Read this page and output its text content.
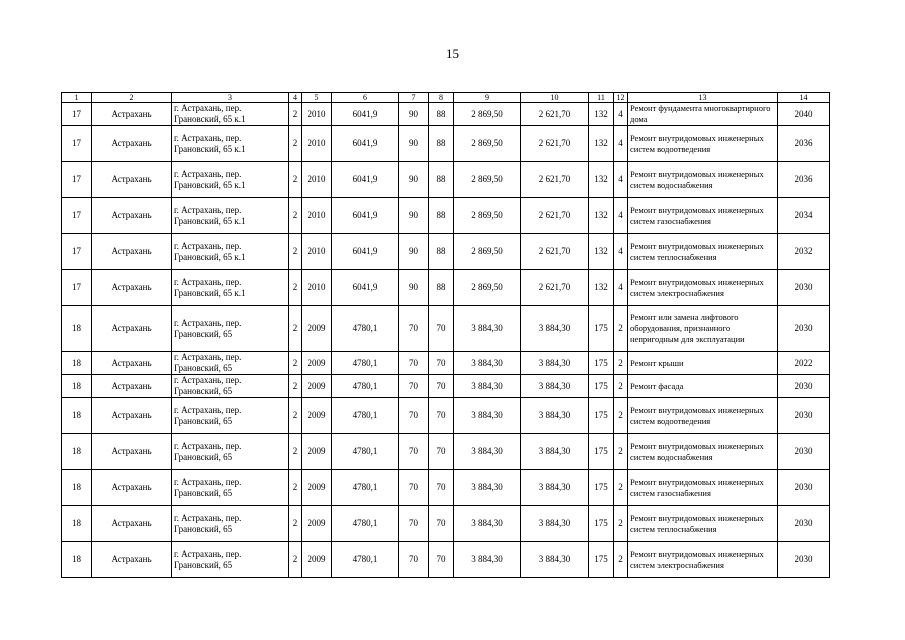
15
1	2	3	4	5	6	7	8	9	10	11	12	13	14
17	Астрахань	г. Астрахань, пер. Грановский, 65 к.1	2	2010	6041,9	90	88	2 869,50	2 621,70	132	4	Ремонт фундамента многоквартирного дома	2040
17	Астрахань	г. Астрахань, пер. Грановский, 65 к.1	2	2010	6041,9	90	88	2 869,50	2 621,70	132	4	Ремонт внутридомовых инженерных систем водоотведения	2036
17	Астрахань	г. Астрахань, пер. Грановский, 65 к.1	2	2010	6041,9	90	88	2 869,50	2 621,70	132	4	Ремонт внутридомовых инженерных систем водоснабжения	2036
17	Астрахань	г. Астрахань, пер. Грановский, 65 к.1	2	2010	6041,9	90	88	2 869,50	2 621,70	132	4	Ремонт внутридомовых инженерных систем газоснабжения	2034
17	Астрахань	г. Астрахань, пер. Грановский, 65 к.1	2	2010	6041,9	90	88	2 869,50	2 621,70	132	4	Ремонт внутридомовых инженерных систем теплоснабжения	2032
17	Астрахань	г. Астрахань, пер. Грановский, 65 к.1	2	2010	6041,9	90	88	2 869,50	2 621,70	132	4	Ремонт внутридомовых инженерных систем электроснабжения	2030
18	Астрахань	г. Астрахань, пер. Грановский, 65	2	2009	4780,1	70	70	3 884,30	3 884,30	175	2	Ремонт или замена лифтового оборудования, признанного непригодным для эксплуатации	2030
18	Астрахань	г. Астрахань, пер. Грановский, 65	2	2009	4780,1	70	70	3 884,30	3 884,30	175	2	Ремонт крыши	2022
18	Астрахань	г. Астрахань, пер. Грановский, 65	2	2009	4780,1	70	70	3 884,30	3 884,30	175	2	Ремонт фасада	2030
18	Астрахань	г. Астрахань, пер. Грановский, 65	2	2009	4780,1	70	70	3 884,30	3 884,30	175	2	Ремонт внутридомовых инженерных систем водоотведения	2030
18	Астрахань	г. Астрахань, пер. Грановский, 65	2	2009	4780,1	70	70	3 884,30	3 884,30	175	2	Ремонт внутридомовых инженерных систем водоснабжения	2030
18	Астрахань	г. Астрахань, пер. Грановский, 65	2	2009	4780,1	70	70	3 884,30	3 884,30	175	2	Ремонт внутридомовых инженерных систем газоснабжения	2030
18	Астрахань	г. Астрахань, пер. Грановский, 65	2	2009	4780,1	70	70	3 884,30	3 884,30	175	2	Ремонт внутридомовых инженерных систем теплоснабжения	2030
18	Астрахань	г. Астрахань, пер. Грановский, 65	2	2009	4780,1	70	70	3 884,30	3 884,30	175	2	Ремонт внутридомовых инженерных систем электроснабжения	2030
